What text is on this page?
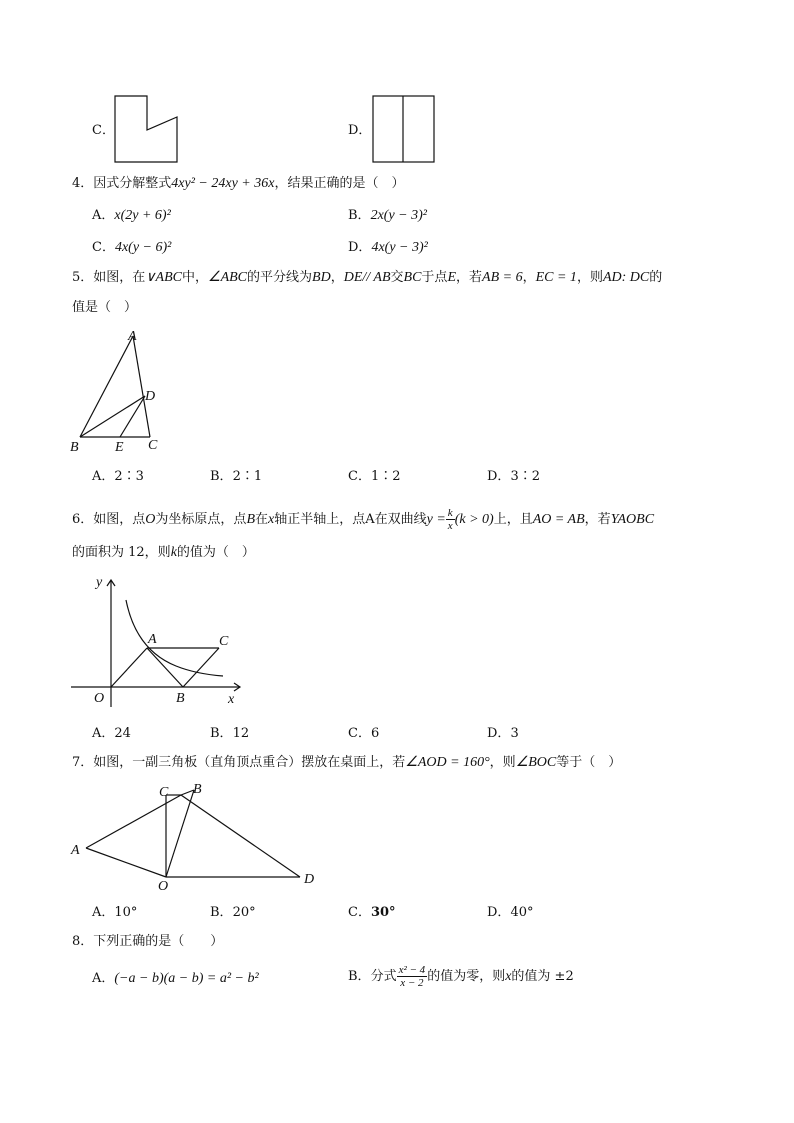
C．	D．
4．因式分解整式4xy² − 24xy + 36x，结果正确的是（　）
A．x(2y + 6)²	B．2x(y − 3)²
C．4x(y − 6)²	D．4x(y − 3)²
5．如图，在∨ABC中，∠ABC的平分线为BD，DE// AB交BC于点E，若AB = 6，EC = 1，则AD: DC的
值是（　）
A
B	C
D
E
A．2∶3	B．2∶1	C．1∶2	D．3∶2
6．如图，点O为坐标原点，点B在x轴正半轴上，点A在双曲线$y = \frac{k}{x} (k > 0)$上，且AO = AB，若YAOBC
的面积为 12，则k的值为（　）
y
x
O
A
B
C
A．24	B．12	C．6	D．3
7．如图，一副三角板（直角顶点重合）摆放在桌面上，若∠AOD = 160°，则∠BOC等于（　）
A
B
C
D
O
A．10°	B．20°	C．30°	D．40°
8．下列正确的是（　　）
A．(−a − b)(a − b) = a² − b²	B．分式 $\frac{\text{x² − 4}}{x - 2}$ 的值为零，则x的值为 ±2
